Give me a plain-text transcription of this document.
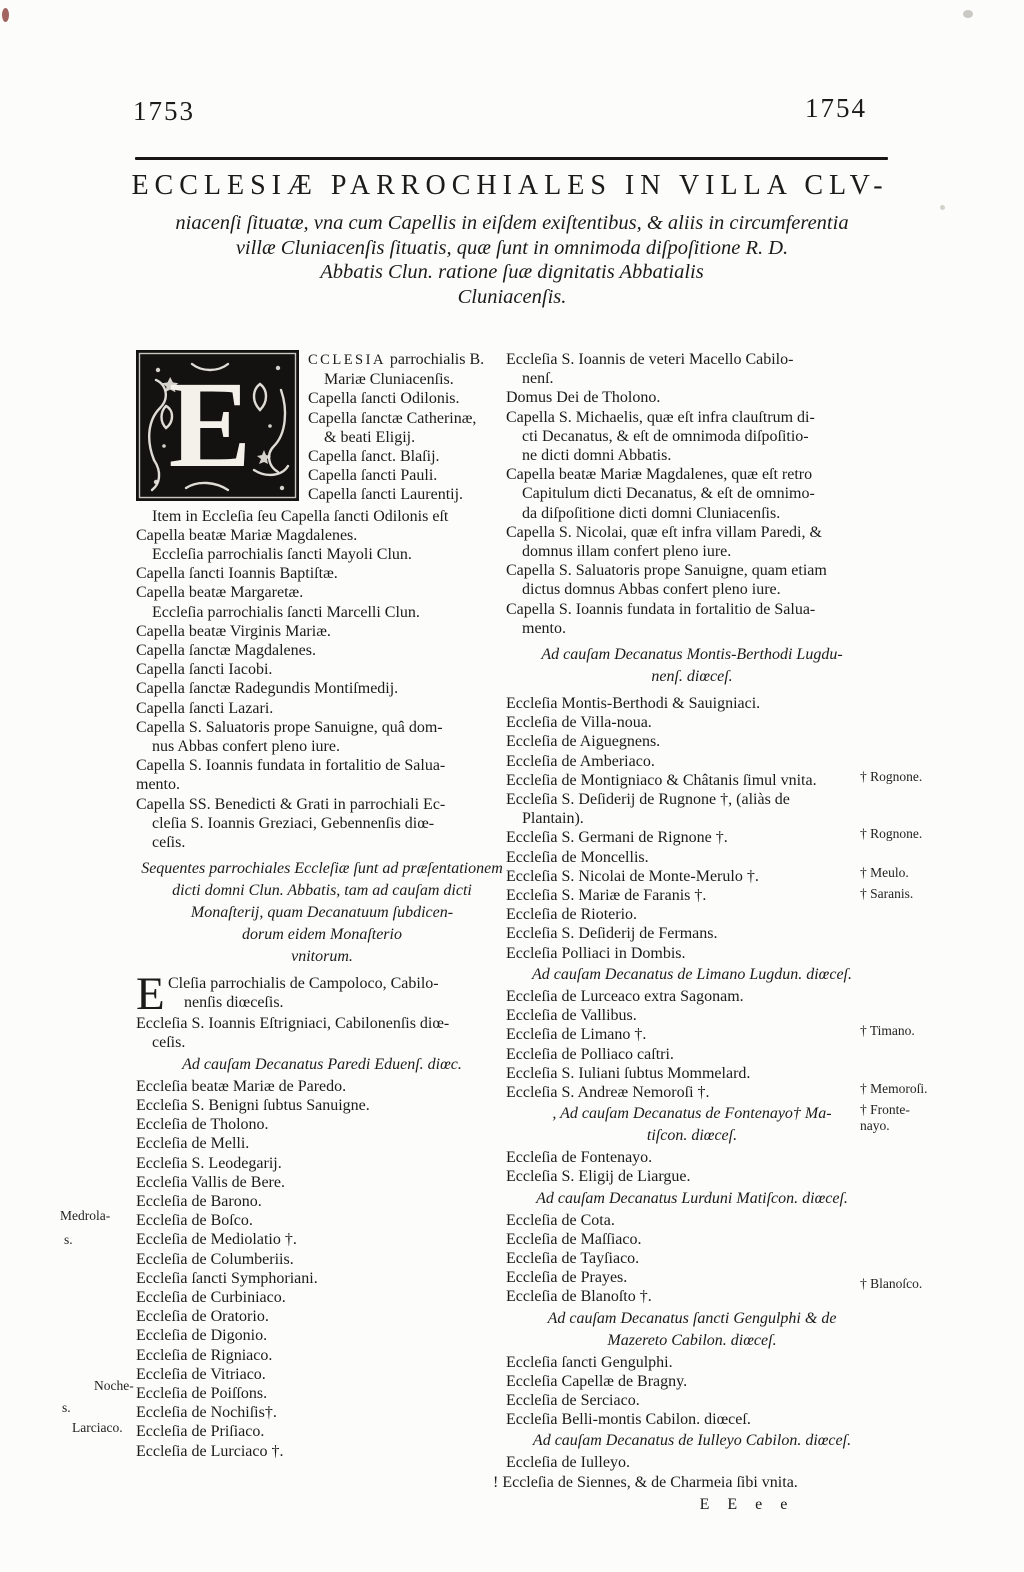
1753	1754
ECCLESIÆ PARROCHIALES IN VILLA CLV-
niacenſi ſituatæ, vna cum Capellis in eiſdem exiſtentibus, & aliis in circumferentia
villæ Cluniacenſis ſituatis, quæ ſunt in omnimoda diſpoſitione R. D.
Abbatis Clun. ratione ſuæ dignitatis Abbatialis
Cluniacenſis.
E	CCLESIA parrochialis B.
Mariæ Cluniacenſis.
Capella ſancti Odilonis.
Capella ſanctæ Catherinæ,
& beati Eligij.
Capella ſanct. Blaſij.
Capella ſancti Pauli.
Capella ſancti Laurentij.
Item in Eccleſia ſeu Capella ſancti Odilonis eſt
Capella beatæ Mariæ Magdalenes.
Eccleſia parrochialis ſancti Mayoli Clun.
Capella ſancti Ioannis Baptiſtæ.
Capella beatæ Margaretæ.
Eccleſia parrochialis ſancti Marcelli Clun.
Capella beatæ Virginis Mariæ.
Capella ſanctæ Magdalenes.
Capella ſancti Iacobi.
Capella ſanctæ Radegundis Montiſmedij.
Capella ſancti Lazari.
Capella S. Saluatoris prope Sanuigne, quâ dom-
nus Abbas confert pleno iure.
Capella S. Ioannis fundata in fortalitio de Salua-
mento.
Capella SS. Benedicti & Grati in parrochiali Ec-
cleſia S. Ioannis Greziaci, Gebennenſis diœ-
ceſis.
Sequentes parrochiales Eccleſiæ ſunt ad præſentationem
dicti domni Clun. Abbatis, tam ad cauſam dicti
Monaſterij, quam Decanatuum ſubdicen-
dorum eidem Monaſterio
vnitorum.
E Cleſia parrochialis de Campoloco, Cabilo-
nenſis diœceſis.
Eccleſia S. Ioannis Eſtrigniaci, Cabilonenſis diœ-
ceſis.
Ad cauſam Decanatus Paredi Eduenſ. diœc.
Eccleſia beatæ Mariæ de Paredo.
Eccleſia S. Benigni ſubtus Sanuigne.
Eccleſia de Tholono.
Eccleſia de Melli.
Eccleſia S. Leodegarij.
Eccleſia Vallis de Bere.
Eccleſia de Barono.
Eccleſia de Boſco.
Eccleſia de Mediolatio †.
Eccleſia de Columberiis.
Eccleſia ſancti Symphoriani.
Eccleſia de Curbiniaco.
Eccleſia de Oratorio.
Eccleſia de Digonio.
Eccleſia de Rigniaco.
Eccleſia de Vitriaco.
Eccleſia de Poiſſons.
Eccleſia de Nochiſis†.
Eccleſia de Priſiaco.
Eccleſia de Lurciaco †.
Eccleſia S. Ioannis de veteri Macello Cabilo-
nenſ.
Domus Dei de Tholono.
Capella S. Michaelis, quæ eſt infra clauſtrum di-
cti Decanatus, & eſt de omnimoda diſpoſitio-
ne dicti domni Abbatis.
Capella beatæ Mariæ Magdalenes, quæ eſt retro
Capitulum dicti Decanatus, & eſt de omnimo-
da diſpoſitione dicti domni Cluniacenſis.
Capella S. Nicolai, quæ eſt infra villam Paredi, &
domnus illam confert pleno iure.
Capella S. Saluatoris prope Sanuigne, quam etiam
dictus domnus Abbas confert pleno iure.
Capella S. Ioannis fundata in fortalitio de Salua-
mento.
Ad cauſam Decanatus Montis-Berthodi Lugdu-
nenſ. diœceſ.
Eccleſia Montis-Berthodi & Sauigniaci.
Eccleſia de Villa-noua.
Eccleſia de Aiguegnens.
Eccleſia de Amberiaco.
Eccleſia de Montigniaco & Châtanis ſimul vnita.
Eccleſia S. Deſiderij de Rugnone †, (aliàs de
Plantain).
Eccleſia S. Germani de Rignone †.
Eccleſia de Moncellis.
Eccleſia S. Nicolai de Monte-Merulo †.
Eccleſia S. Mariæ de Faranis †.
Eccleſia de Rioterio.
Eccleſia S. Deſiderij de Fermans.
Eccleſia Polliaci in Dombis.
Ad cauſam Decanatus de Limano Lugdun. diœceſ.
Eccleſia de Lurceaco extra Sagonam.
Eccleſia de Vallibus.
Eccleſia de Limano †.
Eccleſia de Polliaco caſtri.
Eccleſia S. Iuliani ſubtus Mommelard.
Eccleſia S. Andreæ Nemoroſi †.
, Ad cauſam Decanatus de Fontenayo† Ma-
tiſcon. diœceſ.
Eccleſia de Fontenayo.
Eccleſia S. Eligij de Liargue.
Ad cauſam Decanatus Lurduni Matiſcon. diœceſ.
Eccleſia de Cota.
Eccleſia de Maſſiaco.
Eccleſia de Tayſiaco.
Eccleſia de Prayes.
Eccleſia de Blanoſto †.
Ad cauſam Decanatus ſancti Gengulphi & de
Mazereto Cabilon. diœceſ.
Eccleſia ſancti Gengulphi.
Eccleſia Capellæ de Bragny.
Eccleſia de Serciaco.
Eccleſia Belli-montis Cabilon. diœceſ.
Ad cauſam Decanatus de Iulleyo Cabilon. diœceſ.
Eccleſia de Iulleyo.
! Eccleſia de Siennes, & de Charmeia ſibi vnita.
E E e e
Medrola-
s.
Noche-
s.
Larciaco.
† Rognone.
† Rognone.
† Meulo.
† Saranis.
† Timano.
† Memoroſi.
† Fronte-
nayo.
† Blanoſco.
